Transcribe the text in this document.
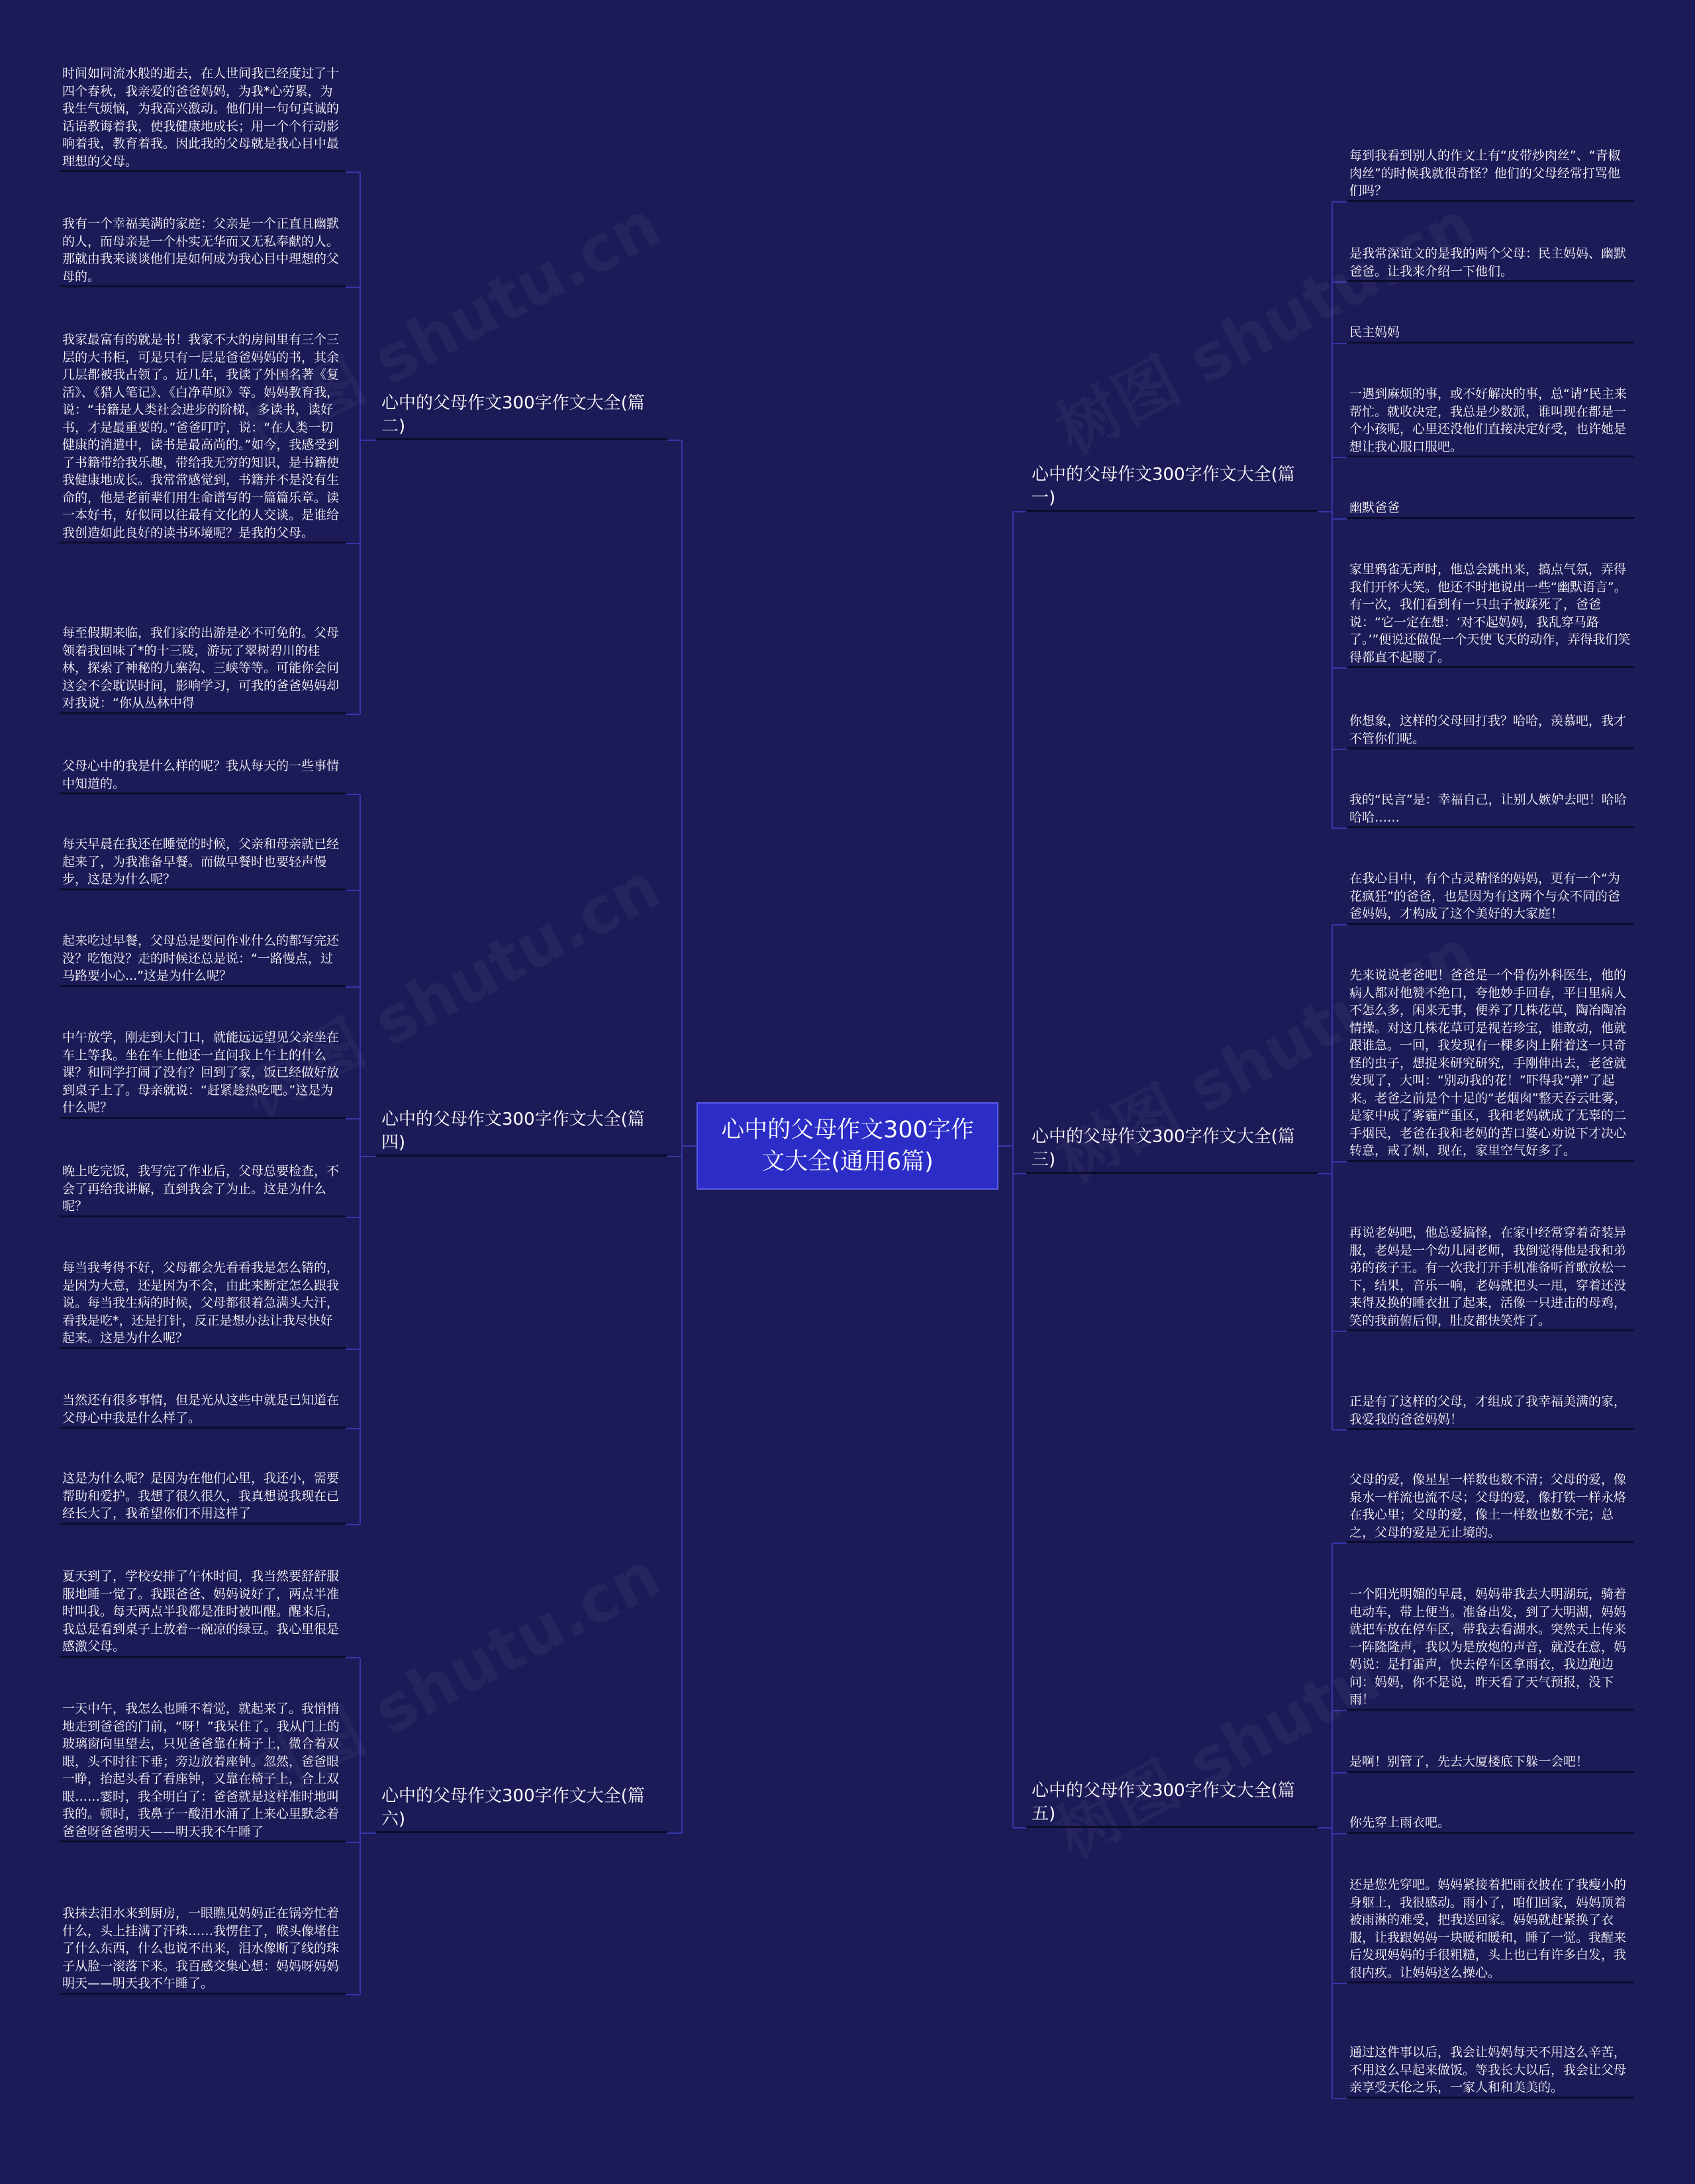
心中的父母作文300字作文大全(通用6篇)
心中的父母作文300字作文大全(篇二)
时间如同流水般的逝去，在人世间我已经度过了十四个春秋，我亲爱的爸爸妈妈，为我*心劳累，为我生气烦恼，为我高兴激动。他们用一句句真诚的话语教诲着我，使我健康地成长；用一个个行动影响着我，教育着我。因此我的父母就是我心目中最理想的父母。
我有一个幸福美满的家庭：父亲是一个正直且幽默的人，而母亲是一个朴实无华而又无私奉献的人。那就由我来谈谈他们是如何成为我心目中理想的父母的。
我家最富有的就是书！我家不大的房间里有三个三层的大书柜，可是只有一层是爸爸妈妈的书，其余几层都被我占领了。近几年，我读了外国名著《复活》、《猎人笔记》、《白净草原》等。妈妈教育我，说：“书籍是人类社会进步的阶梯，多读书，读好书，才是最重要的。”爸爸叮咛，说：“在人类一切健康的消遣中，读书是最高尚的。”如今，我感受到了书籍带给我乐趣，带给我无穷的知识，是书籍使我健康地成长。我常常感觉到，书籍并不是没有生命的，他是老前辈们用生命谱写的一篇篇乐章。读一本好书，好似同以往最有文化的人交谈。是谁给我创造如此良好的读书环境呢？是我的父母。
每至假期来临，我们家的出游是必不可免的。父母领着我回味了*的十三陵，游玩了翠树碧川的桂林，探索了神秘的九寨沟、三峡等等。可能你会问这会不会耽误时间，影响学习，可我的爸爸妈妈却对我说：“你从丛林中得
心中的父母作文300字作文大全(篇四)
父母心中的我是什么样的呢？我从每天的一些事情中知道的。
每天早晨在我还在睡觉的时候，父亲和母亲就已经起来了，为我准备早餐。而做早餐时也要轻声慢步，这是为什么呢？
起来吃过早餐，父母总是要问作业什么的都写完还没？吃饱没？走的时候还总是说：“一路慢点，过马路要小心...”这是为什么呢？
中午放学，刚走到大门口，就能远远望见父亲坐在车上等我。坐在车上他还一直问我上午上的什么课？和同学打闹了没有？回到了家，饭已经做好放到桌子上了。母亲就说：“赶紧趁热吃吧。”这是为什么呢？
晚上吃完饭，我写完了作业后，父母总要检查，不会了再给我讲解，直到我会了为止。这是为什么呢？
每当我考得不好，父母都会先看看我是怎么错的，是因为大意，还是因为不会，由此来断定怎么跟我说。每当我生病的时候，父母都很着急满头大汗，看我是吃*，还是打针，反正是想办法让我尽快好起来。这是为什么呢？
当然还有很多事情，但是光从这些中就是已知道在父母心中我是什么样了。
这是为什么呢？是因为在他们心里，我还小，需要帮助和爱护。我想了很久很久，我真想说我现在已经长大了，我希望你们不用这样了
心中的父母作文300字作文大全(篇六)
夏天到了，学校安排了午休时间，我当然要舒舒服服地睡一觉了。我跟爸爸、妈妈说好了，两点半准时叫我。每天两点半我都是准时被叫醒。醒来后，我总是看到桌子上放着一碗凉的绿豆。我心里很是感激父母。
一天中午，我怎么也睡不着觉，就起来了。我悄悄地走到爸爸的门前，“呀！”我呆住了。我从门上的玻璃窗向里望去，只见爸爸靠在椅子上，微合着双眼，头不时往下垂；旁边放着座钟。忽然，爸爸眼一睁，抬起头看了看座钟，又靠在椅子上，合上双眼……霎时，我全明白了：爸爸就是这样准时地叫我的。顿时，我鼻子一酸泪水涌了上来心里默念着爸爸呀爸爸明天——明天我不午睡了
我抹去泪水来到厨房，一眼瞧见妈妈正在锅旁忙着什么，头上挂满了汗珠……我愣住了，喉头像堵住了什么东西，什么也说不出来，泪水像断了线的珠子从脸一滚落下来。我百感交集心想：妈妈呀妈妈明天——明天我不午睡了。
心中的父母作文300字作文大全(篇一)
每到我看到别人的作文上有“皮带炒肉丝”、“青椒肉丝”的时候我就很奇怪？他们的父母经常打骂他们吗？
是我常深谊文的是我的两个父母：民主妈妈、幽默爸爸。让我来介绍一下他们。
民主妈妈
一遇到麻烦的事，或不好解决的事，总“请”民主来帮忙。就收决定，我总是少数派，谁叫现在都是一个小孩呢，心里还没他们直接决定好受，也许她是想让我心服口服吧。
幽默爸爸
家里鸦雀无声时，他总会跳出来，搞点气氛，弄得我们开怀大笑。他还不时地说出一些“幽默语言”。有一次，我们看到有一只虫子被踩死了，爸爸说：“它一定在想：‘对不起妈妈，我乱穿马路了。’”便说还做促一个天使飞天的动作，弄得我们笑得都直不起腰了。
你想象，这样的父母回打我？哈哈，羡慕吧，我才不管你们呢。
我的“民言”是：幸福自己，让别人嫉妒去吧！哈哈哈哈……
心中的父母作文300字作文大全(篇三)
在我心目中，有个古灵精怪的妈妈，更有一个“为花疯狂”的爸爸，也是因为有这两个与众不同的爸爸妈妈，才构成了这个美好的大家庭！
先来说说老爸吧！爸爸是一个骨伤外科医生，他的病人都对他赞不绝口，夸他妙手回春，平日里病人不怎么多，闲来无事，便养了几株花草，陶冶陶冶情操。对这几株花草可是视若珍宝，谁敢动，他就跟谁急。一回，我发现有一棵多肉上附着这一只奇怪的虫子，想捉来研究研究，手刚伸出去，老爸就发现了，大叫：“别动我的花！”吓得我“弹”了起来。老爸之前是个十足的“老烟囱”整天吞云吐雾，是家中成了雾霾严重区，我和老妈就成了无辜的二手烟民，老爸在我和老妈的苦口婆心劝说下才决心转意，戒了烟，现在，家里空气好多了。
再说老妈吧，他总爱搞怪，在家中经常穿着奇装异服，老妈是一个幼儿园老师，我倒觉得他是我和弟弟的孩子王。有一次我打开手机准备听首歌放松一下，结果，音乐一响，老妈就把头一甩，穿着还没来得及换的睡衣扭了起来，活像一只进击的母鸡，笑的我前俯后仰，肚皮都快笑炸了。
正是有了这样的父母，才组成了我幸福美满的家，我爱我的爸爸妈妈！
心中的父母作文300字作文大全(篇五)
父母的爱，像星星一样数也数不清；父母的爱，像泉水一样流也流不尽；父母的爱，像打铁一样永烙在我心里；父母的爱，像土一样数也数不完；总之，父母的爱是无止境的。
一个阳光明媚的早晨，妈妈带我去大明湖玩，骑着电动车，带上便当。准备出发，到了大明湖，妈妈就把车放在停车区，带我去看湖水。突然天上传来一阵隆隆声，我以为是放炮的声音，就没在意，妈妈说：是打雷声，快去停车区拿雨衣，我边跑边问：妈妈，你不是说，昨天看了天气预报，没下雨！
是啊！别管了，先去大厦楼底下躲一会吧！
你先穿上雨衣吧。
还是您先穿吧。妈妈紧接着把雨衣披在了我瘦小的身躯上，我很感动。雨小了，咱们回家，妈妈顶着被雨淋的难受，把我送回家。妈妈就赶紧换了衣服，让我跟妈妈一块暖和暖和，睡了一觉。我醒来后发现妈妈的手很粗糙，头上也已有许多白发，我很内疚。让妈妈这么操心。
通过这件事以后，我会让妈妈每天不用这么辛苦，不用这么早起来做饭。等我长大以后，我会让父母亲享受天伦之乐，一家人和和美美的。
